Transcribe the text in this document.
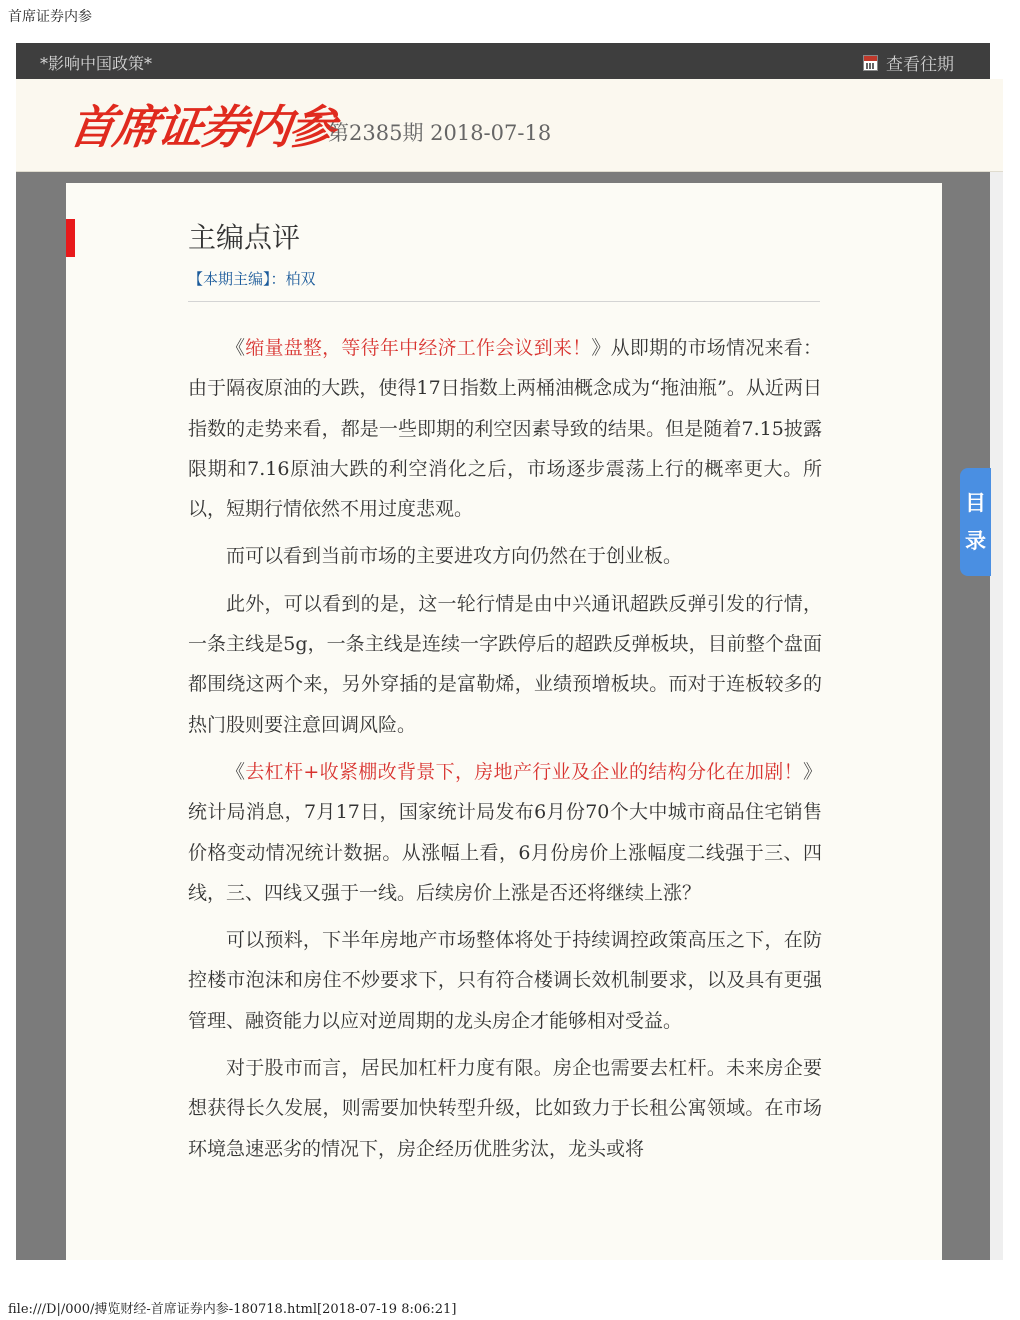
首席证券内参
*影响中国政策*	查看往期
首席证券内参
第2385期 2018-07-18
主编点评
【本期主编】：柏双

《缩量盘整，等待年中经济工作会议到来！》从即期的市场情况来看：由于隔夜原油的大跌，使得17日指数上两桶油概念成为“拖油瓶”。从近两日指数的走势来看，都是一些即期的利空因素导致的结果。但是随着7.15披露限期和7.16原油大跌的利空消化之后，市场逐步震荡上行的概率更大。所以，短期行情依然不用过度悲观。

而可以看到当前市场的主要进攻方向仍然在于创业板。

此外，可以看到的是，这一轮行情是由中兴通讯超跌反弹引发的行情，一条主线是5g，一条主线是连续一字跌停后的超跌反弹板块，目前整个盘面都围绕这两个来，另外穿插的是富勒烯，业绩预增板块。而对于连板较多的热门股则要注意回调风险。

《去杠杆+收紧棚改背景下，房地产行业及企业的结构分化在加剧！》统计局消息，7月17日，国家统计局发布6月份70个大中城市商品住宅销售价格变动情况统计数据。从涨幅上看，6月份房价上涨幅度二线强于三、四线，三、四线又强于一线。后续房价上涨是否还将继续上涨？

可以预料，下半年房地产市场整体将处于持续调控政策高压之下，在防控楼市泡沫和房住不炒要求下，只有符合楼调长效机制要求，以及具有更强管理、融资能力以应对逆周期的龙头房企才能够相对受益。

对于股市而言，居民加杠杆力度有限。房企也需要去杠杆。未来房企要想获得长久发展，则需要加快转型升级，比如致力于长租公寓领域。在市场环境急速恶劣的情况下，房企经历优胜劣汰，龙头或将

目
录
file:///D|/000/搏览财经-首席证券内参-180718.html[2018-07-19 8:06:21]
